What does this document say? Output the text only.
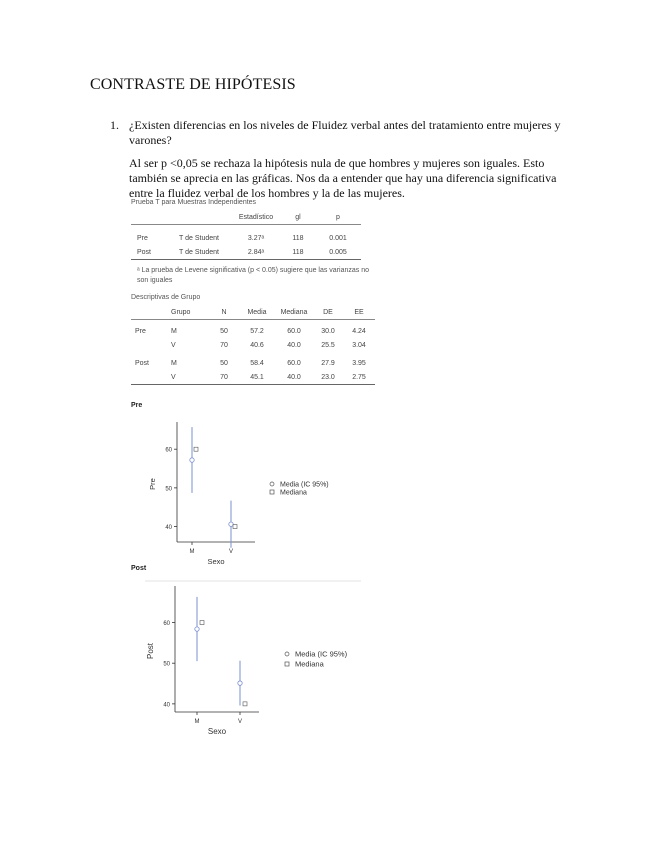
CONTRASTE DE HIPÓTESIS
1. ¿Existen diferencias en los niveles de Fluidez verbal antes del tratamiento entre mujeres y varones?
Al ser p <0,05 se rechaza la hipótesis nula de que hombres y mujeres son iguales. Esto también se aprecia en las gráficas. Nos da a entender que hay una diferencia significativa entre la fluidez verbal de los hombres y la de las mujeres.
Prueba T para Muestras Independientes
		Estadístico	gl	p

Pre	T de Student	3.27ᵃ	118	0.001
Post	T de Student	2.84ᵃ	118	0.005
ᵃ La prueba de Levene significativa (p < 0.05) sugiere que las varianzas no son iguales
Descriptivas de Grupo
	Grupo	N	Media	Mediana	DE	EE

Pre	M	50	57.2	60.0	30.0	4.24
	V	70	40.6	40.0	25.5	3.04

Post	M	50	58.4	60.0	27.9	3.95
	V	70	45.1	40.0	23.0	2.75
Pre
40
50
60
M	V
Sexo
Pre	Media (IC 95%)
Mediana
Post
40
50
60
M	V
Sexo
Post	Media (IC 95%)
Mediana
